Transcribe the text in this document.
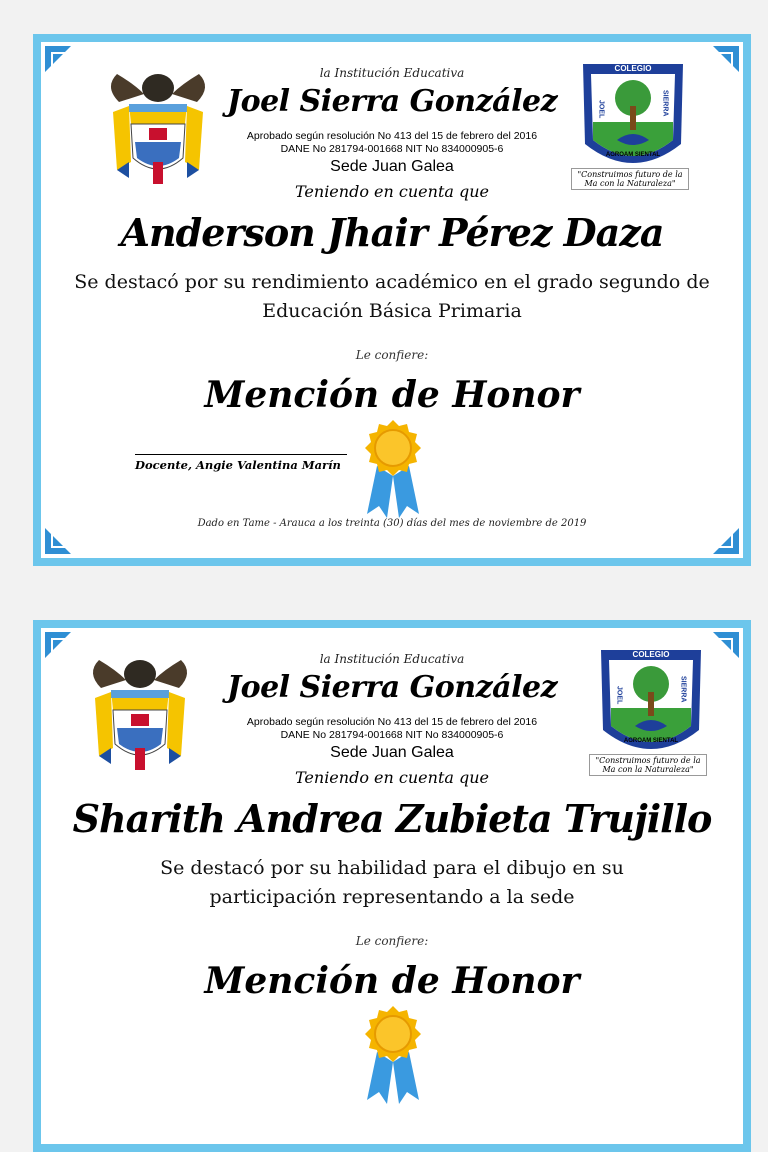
COLEGIO
JOEL	SIERRA
AGROAM SIENTAL
"Construimos futuro de la Ma con la Naturaleza"
la Institución Educativa
Joel Sierra González
Aprobado según resolución No 413 del 15 de febrero del 2016
DANE No 281794-001668 NIT No 834000905-6
Sede Juan Galea
Teniendo en cuenta que
Anderson Jhair Pérez Daza
Se destacó por su rendimiento académico en el grado segundo de Educación Básica Primaria
Le confiere:
Mención de Honor
Docente, Angie Valentina Marín
Dado en Tame - Arauca a los treinta (30) días del mes de noviembre de 2019
COLEGIO
JOEL	SIERRA
AGROAM SIENTAL
"Construimos futuro de la Ma con la Naturaleza"
la Institución Educativa
Joel Sierra González
Aprobado según resolución No 413 del 15 de febrero del 2016
DANE No 281794-001668 NIT No 834000905-6
Sede Juan Galea
Teniendo en cuenta que
Sharith Andrea Zubieta Trujillo
Se destacó por su habilidad para el dibujo en su participación representando a la sede
Le confiere:
Mención de Honor
